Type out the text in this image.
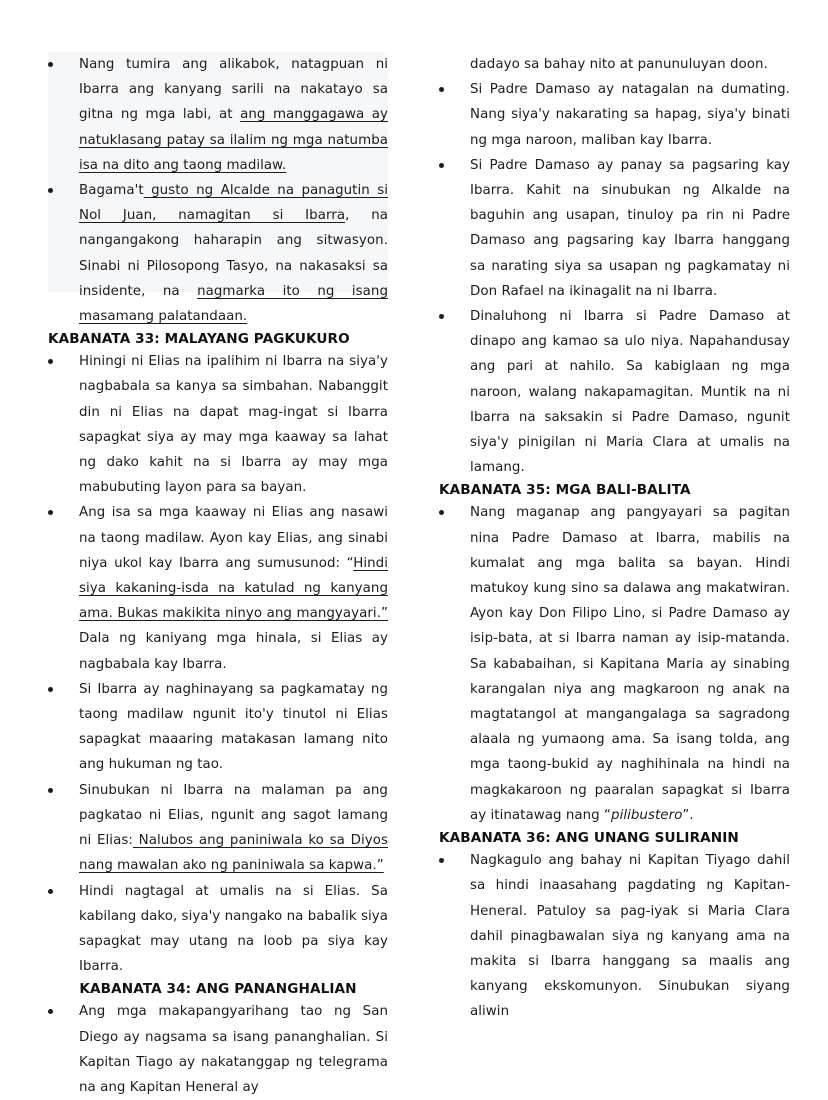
Nang tumira ang alikabok, natagpuan ni Ibarra ang kanyang sarili na nakatayo sa gitna ng mga labi, at ang manggagawa ay natuklasang patay sa ilalim ng mga natumba isa na dito ang taong madilaw.
Bagama't gusto ng Alcalde na panagutin si Nol Juan, namagitan si Ibarra, na nangangakong haharapin ang sitwasyon. Sinabi ni Pilosopong Tasyo, na nakasaksi sa insidente, na nagmarka ito ng isang masamang palatandaan.
KABANATA 33: MALAYANG PAGKUKURO
Hiningi ni Elias na ipalihim ni Ibarra na siya'y nagbabala sa kanya sa simbahan. Nabanggit din ni Elias na dapat mag-ingat si Ibarra sapagkat siya ay may mga kaaway sa lahat ng dako kahit na si Ibarra ay may mga mabubuting layon para sa bayan.
Ang isa sa mga kaaway ni Elias ang nasawi na taong madilaw. Ayon kay Elias, ang sinabi niya ukol kay Ibarra ang sumusunod: “Hindi siya kakaning-isda na katulad ng kanyang ama. Bukas makikita ninyo ang mangyayari.” Dala ng kaniyang mga hinala, si Elias ay nagbabala kay Ibarra.
Si Ibarra ay naghinayang sa pagkamatay ng taong madilaw ngunit ito'y tinutol ni Elias sapagkat maaaring matakasan lamang nito ang hukuman ng tao.
Sinubukan ni Ibarra na malaman pa ang pagkatao ni Elias, ngunit ang sagot lamang ni Elias: Nalubos ang paniniwala ko sa Diyos nang mawalan ako ng paniniwala sa kapwa.”
Hindi nagtagal at umalis na si Elias. Sa kabilang dako, siya'y nangako na babalik siya sapagkat may utang na loob pa siya kay Ibarra.
KABANATA 34: ANG PANANGHALIAN
Ang mga makapangyarihang tao ng San Diego ay nagsama sa isang pananghalian. Si Kapitan Tiago ay nakatanggap ng telegrama na ang Kapitan Heneral ay
dadayo sa bahay nito at panunuluyan doon.
Si Padre Damaso ay natagalan na dumating. Nang siya'y nakarating sa hapag, siya'y binati ng mga naroon, maliban kay Ibarra.
Si Padre Damaso ay panay sa pagsaring kay Ibarra. Kahit na sinubukan ng Alkalde na baguhin ang usapan, tinuloy pa rin ni Padre Damaso ang pagsaring kay Ibarra hanggang sa narating siya sa usapan ng pagkamatay ni Don Rafael na ikinagalit na ni Ibarra.
Dinaluhong ni Ibarra si Padre Damaso at dinapo ang kamao sa ulo niya. Napahandusay ang pari at nahilo. Sa kabiglaan ng mga naroon, walang nakapamagitan. Muntik na ni Ibarra na saksakin si Padre Damaso, ngunit siya'y pinigilan ni Maria Clara at umalis na lamang.
KABANATA 35: MGA BALI-BALITA
Nang maganap ang pangyayari sa pagitan nina Padre Damaso at Ibarra, mabilis na kumalat ang mga balita sa bayan. Hindi matukoy kung sino sa dalawa ang makatwiran. Ayon kay Don Filipo Lino, si Padre Damaso ay isip-bata, at si Ibarra naman ay isip-matanda. Sa kababaihan, si Kapitana Maria ay sinabing karangalan niya ang magkaroon ng anak na magtatangol at mangangalaga sa sagradong alaala ng yumaong ama. Sa isang tolda, ang mga taong-bukid ay naghihinala na hindi na magkakaroon ng paaralan sapagkat si Ibarra ay itinatawag nang “pilibustero”.
KABANATA 36: ANG UNANG SULIRANIN
Nagkagulo ang bahay ni Kapitan Tiyago dahil sa hindi inaasahang pagdating ng Kapitan-Heneral. Patuloy sa pag-iyak si Maria Clara dahil pinagbawalan siya ng kanyang ama na makita si Ibarra hanggang sa maalis ang kanyang ekskomunyon. Sinubukan siyang aliwin
